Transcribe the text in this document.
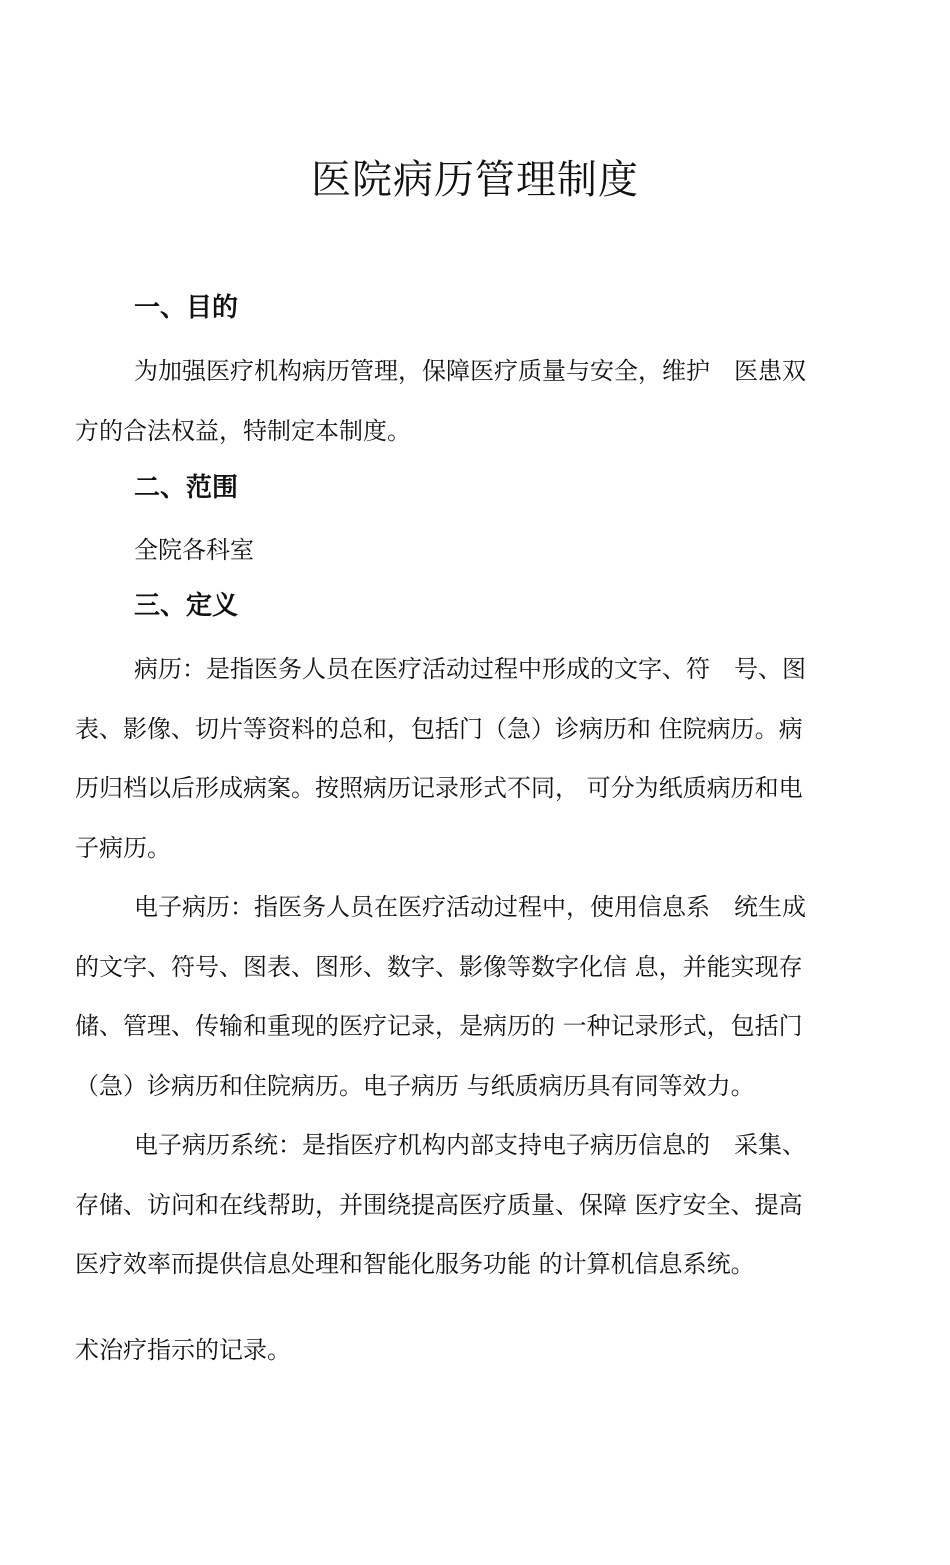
医院病历管理制度
一、目的

为加强医疗机构病历管理，保障医疗质量与安全，维护　医患双
方的合法权益，特制定本制度。

二、范围

全院各科室

三、定义

病历：是指医务人员在医疗活动过程中形成的文字、符　号、图
表、影像、切片等资料的总和，包括门（急）诊病历和 住院病历。病
历归档以后形成病案。按照病历记录形式不同， 可分为纸质病历和电
子病历。

电子病历：指医务人员在医疗活动过程中，使用信息系　统生成
的文字、符号、图表、图形、数字、影像等数字化信 息，并能实现存
储、管理、传输和重现的医疗记录，是病历的 一种记录形式，包括门
（急）诊病历和住院病历。电子病历 与纸质病历具有同等效力。

电子病历系统：是指医疗机构内部支持电子病历信息的　采集、
存储、访问和在线帮助，并围绕提高医疗质量、保障 医疗安全、提高
医疗效率而提供信息处理和智能化服务功能 的计算机信息系统。

术治疗指示的记录。
